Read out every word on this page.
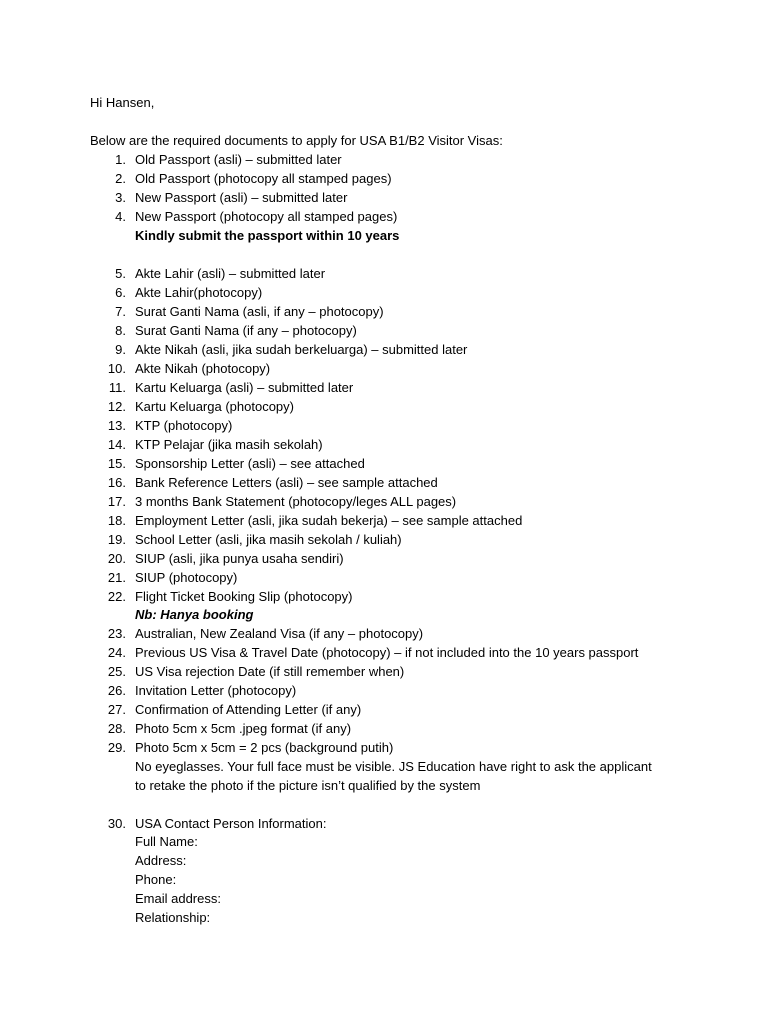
Hi Hansen,
Below are the required documents to apply for USA B1/B2 Visitor Visas:
1. Old Passport (asli) – submitted later
2. Old Passport (photocopy all stamped pages)
3. New Passport (asli) – submitted later
4. New Passport (photocopy all stamped pages)
Kindly submit the passport within 10 years
5. Akte Lahir (asli) – submitted later
6. Akte Lahir(photocopy)
7. Surat Ganti Nama (asli, if any – photocopy)
8. Surat Ganti Nama (if any – photocopy)
9. Akte Nikah (asli, jika sudah berkeluarga) – submitted later
10. Akte Nikah (photocopy)
11. Kartu Keluarga (asli) – submitted later
12. Kartu Keluarga (photocopy)
13. KTP (photocopy)
14. KTP Pelajar (jika masih sekolah)
15. Sponsorship Letter (asli) – see attached
16. Bank Reference Letters (asli) – see sample attached
17. 3 months Bank Statement (photocopy/leges ALL pages)
18. Employment Letter (asli, jika sudah bekerja) – see sample attached
19. School Letter (asli, jika masih sekolah / kuliah)
20. SIUP (asli, jika punya usaha sendiri)
21. SIUP (photocopy)
22. Flight Ticket Booking Slip (photocopy)
Nb: Hanya booking
23. Australian, New Zealand Visa (if any – photocopy)
24. Previous US Visa & Travel Date (photocopy) – if not included into the 10 years passport
25. US Visa rejection Date (if still remember when)
26. Invitation Letter (photocopy)
27. Confirmation of Attending Letter (if any)
28. Photo 5cm x 5cm .jpeg format (if any)
29. Photo 5cm x 5cm = 2 pcs (background putih)
No eyeglasses. Your full face must be visible. JS Education have right to ask the applicant
to retake the photo if the picture isn’t qualified by the system
30. USA Contact Person Information:
Full Name:
Address:
Phone:
Email address:
Relationship:
